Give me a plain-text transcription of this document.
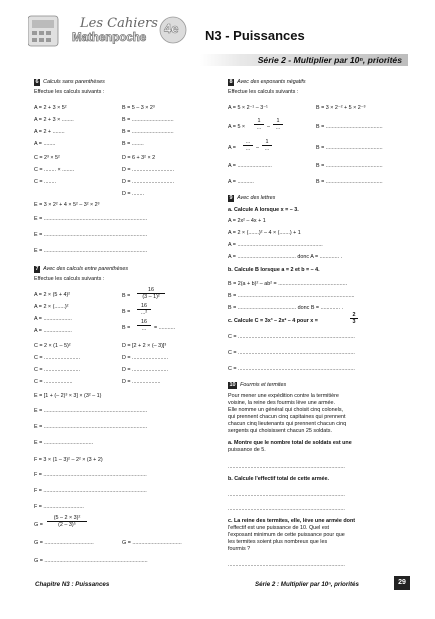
Les Cahiers
Mathenpoche
4e N3 - Puissances
Série 2 - Multiplier par 10ⁿ, priorités
6 Calculs sans parenthèses
Effectue les calculs suivants :
A = 2 + 3 × 5²
A = 2 + 3 × ........
A = 2 + ........
A = ........
B = 5 – 3 × 2³
B = ............................
B = ............................
B = ........
C = 2³ × 5²
C = ........ × ........
C = ........
D = 6 + 3² × 2
D = ............................
D = ............................
D = ........
E = 3 × 2² + 4 × 5² – 3² × 2³
E = .....................................................................
E = .....................................................................
E = .....................................................................
7 Avec des calculs entre parenthèses
Effectue les calculs suivants :
A = 2 × (5 + 4)²
A = 2 × (.......)²
A = ...................
A = ...................
$B = \frac{16}{\text{(3 – 1)²}}$
B =
16
...²
B =
16
...	= ...........
C = 2 × (1 – 5)²
C = ........................
C = ........................
C = ...................
D = [2 + 2 × (– 3)]³
D = ........................
D = ........................
D = ...................
E = [1 + (– 2)³ × 3] × (3² – 1)
E = .....................................................................
E = .....................................................................
E = .................................
F = 3 × (1 – 3)² – 2² × (3 + 2)
F = .....................................................................
F = .....................................................................
F = ...........................
$G = \frac{\text{(5 – 2 × 3)²}}{\text{(2 – 3)⁵}}$
G = .................................	G = .................................
G = .....................................................................
8 Avec des exposants négatifs
Effectue les calculs suivants :
A = 5 × 2⁻¹ – 3⁻¹	B = 3 × 2⁻² + 5 × 2⁻³
A = 5 ×
1
...	–
1
...	B = ......................................
A =
...
...	–
1
...	B = ......................................
A = .......................	B = ......................................
A = ...........	B = ......................................
9 Avec des lettres
a. Calcule A lorsque x = – 3.
A = 2x² – 4x + 1
A = 2 × (.......)² – 4 × (.......) + 1
A = .........................................................
A = ....................................... donc A = ............. .
b. Calcule B lorsque a = 2 et b = – 4.
B = 2(a + b)² – ab² = ..............................................
B = ..............................................................................
B = ....................................... donc B = ............. .
c. Calcule C = 3x³ – 2x² – 4 pour x =	$\frac{2}{3}$
C = ..............................................................................
C = ..............................................................................
C = ..............................................................................
10 Fourmis et termites
Pour mener une expédition contre la termitière
voisine, la reine des fourmis lève une armée.
Elle nomme un général qui choisit cinq colonels,
qui prennent chacun cinq capitaines qui prennent
chacun cinq lieutenants qui prennent chacun cinq
sergents qui choisissent chacun 25 soldats.
a. Montre que le nombre total de soldats est une
puissance de 5.
..............................................................................
b. Calcule l'effectif total de cette armée.
..............................................................................
..............................................................................
c. La reine des termites, elle, lève une armée dont
l'effectif est une puissance de 10. Quel est
l'exposant minimum de cette puissance pour que
les termites soient plus nombreux que les
fourmis ?
..............................................................................
Chapitre N3 : Puissances	Série 2 : Multiplier par 10ⁿ, priorités	29
